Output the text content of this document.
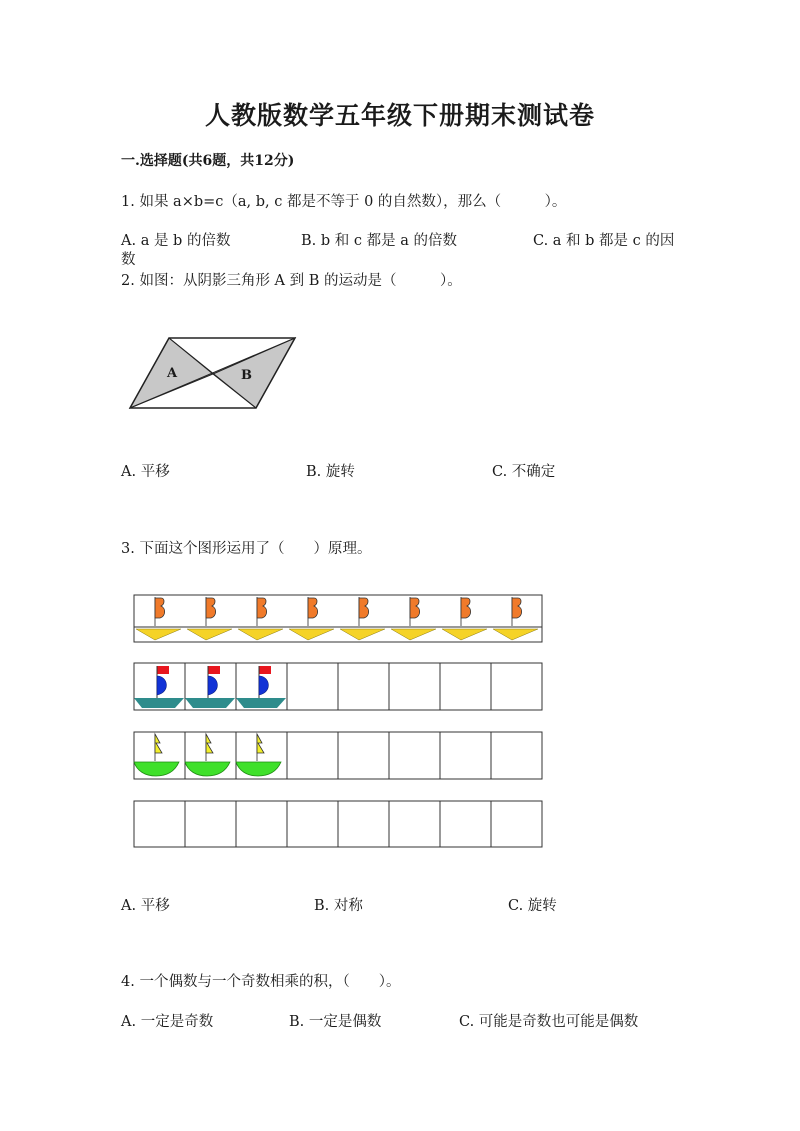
人教版数学五年级下册期末测试卷
一.选择题(共6题，共12分)
1. 如果 a×b=c（a, b, c 都是不等于 0 的自然数），那么（　　　）。
A. a 是 b 的倍数	B. b 和 c 都是 a 的倍数	C. a 和 b 都是 c 的因
数
2. 如图：从阴影三角形 A 到 B 的运动是（　　　）。
A	B
A. 平移	B. 旋转	C. 不确定
3. 下面这个图形运用了（　　）原理。
A. 平移	B. 对称	C. 旋转
4. 一个偶数与一个奇数相乘的积，（　　）。
A. 一定是奇数	B. 一定是偶数	C. 可能是奇数也可能是偶数
